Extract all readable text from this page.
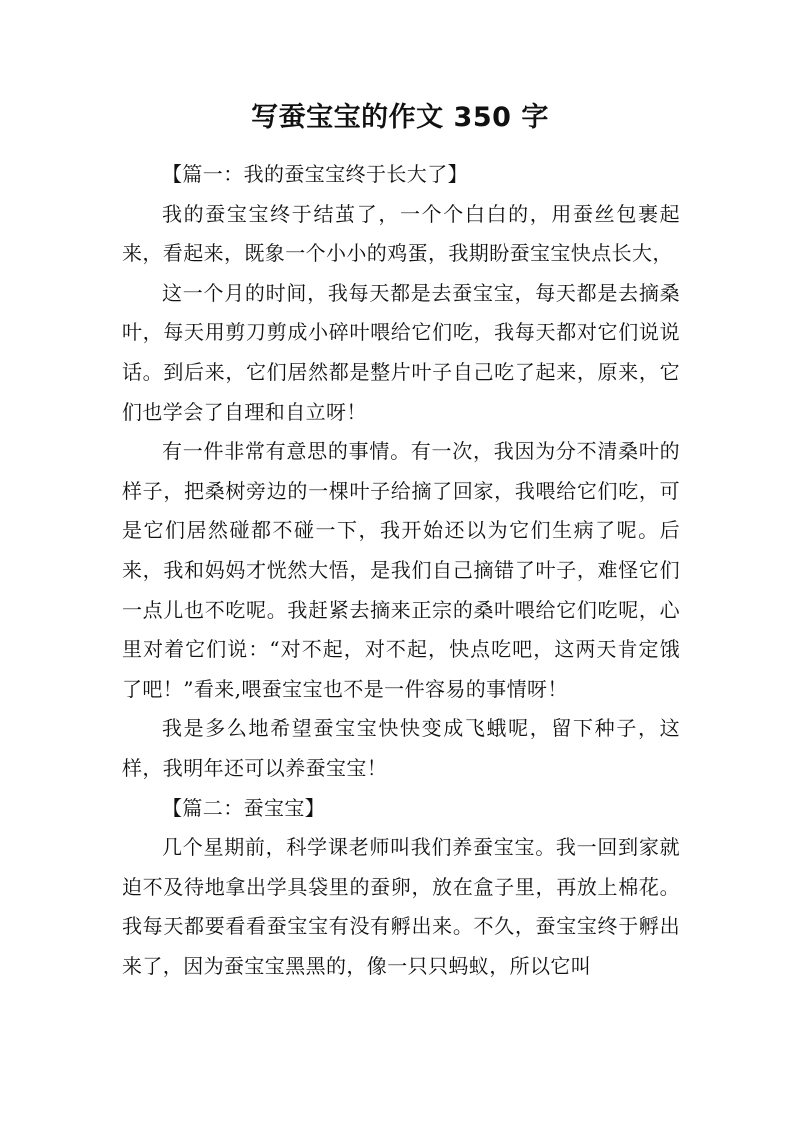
写蚕宝宝的作文 350 字

【篇一：我的蚕宝宝终于长大了】

我的蚕宝宝终于结茧了，一个个白白的，用蚕丝包裹起来，看起来，既象一个小小的鸡蛋，我期盼蚕宝宝快点长大，

这一个月的时间，我每天都是去蚕宝宝，每天都是去摘桑叶，每天用剪刀剪成小碎叶喂给它们吃，我每天都对它们说说话。到后来，它们居然都是整片叶子自己吃了起来，原来，它们也学会了自理和自立呀！

有一件非常有意思的事情。有一次，我因为分不清桑叶的样子，把桑树旁边的一棵叶子给摘了回家，我喂给它们吃，可是它们居然碰都不碰一下，我开始还以为它们生病了呢。后来，我和妈妈才恍然大悟，是我们自己摘错了叶子，难怪它们一点儿也不吃呢。我赶紧去摘来正宗的桑叶喂给它们吃呢，心里对着它们说：“对不起，对不起，快点吃吧，这两天肯定饿了吧！”看来,喂蚕宝宝也不是一件容易的事情呀！

我是多么地希望蚕宝宝快快变成飞蛾呢，留下种子，这样，我明年还可以养蚕宝宝！

【篇二：蚕宝宝】

几个星期前，科学课老师叫我们养蚕宝宝。我一回到家就迫不及待地拿出学具袋里的蚕卵，放在盒子里，再放上棉花。我每天都要看看蚕宝宝有没有孵出来。不久，蚕宝宝终于孵出来了，因为蚕宝宝黑黑的，像一只只蚂蚁，所以它叫
